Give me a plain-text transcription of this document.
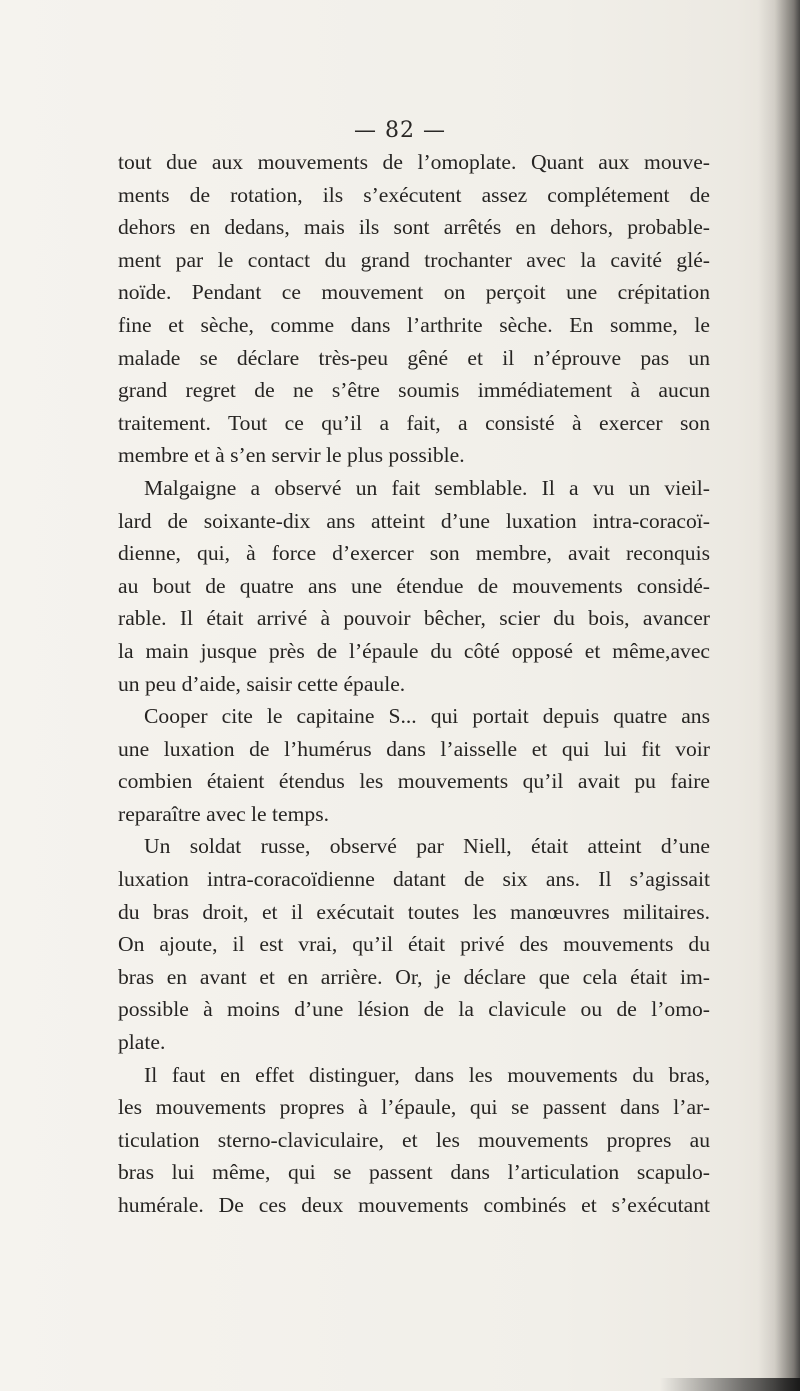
— 82 —
tout due aux mouvements de l’omoplate. Quant aux mouve-
ments de rotation, ils s’exécutent assez complétement de
dehors en dedans, mais ils sont arrêtés en dehors, probable-
ment par le contact du grand trochanter avec la cavité glé-
noïde. Pendant ce mouvement on perçoit une crépitation
fine et sèche, comme dans l’arthrite sèche. En somme, le
malade se déclare très-peu gêné et il n’éprouve pas un
grand regret de ne s’être soumis immédiatement à aucun
traitement. Tout ce qu’il a fait, a consisté à exercer son
membre et à s’en servir le plus possible.
Malgaigne a observé un fait semblable. Il a vu un vieil-
lard de soixante-dix ans atteint d’une luxation intra-coracoï-
dienne, qui, à force d’exercer son membre, avait reconquis
au bout de quatre ans une étendue de mouvements considé-
rable. Il était arrivé à pouvoir bêcher, scier du bois, avancer
la main jusque près de l’épaule du côté opposé et même,avec
un peu d’aide, saisir cette épaule.
Cooper cite le capitaine S... qui portait depuis quatre ans
une luxation de l’humérus dans l’aisselle et qui lui fit voir
combien étaient étendus les mouvements qu’il avait pu faire
reparaître avec le temps.
Un soldat russe, observé par Niell, était atteint d’une
luxation intra-coracoïdienne datant de six ans. Il s’agissait
du bras droit, et il exécutait toutes les manœuvres militaires.
On ajoute, il est vrai, qu’il était privé des mouvements du
bras en avant et en arrière. Or, je déclare que cela était im-
possible à moins d’une lésion de la clavicule ou de l’omo-
plate.
Il faut en effet distinguer, dans les mouvements du bras,
les mouvements propres à l’épaule, qui se passent dans l’ar-
ticulation sterno-claviculaire, et les mouvements propres au
bras lui même, qui se passent dans l’articulation scapulo-
humérale. De ces deux mouvements combinés et s’exécutant
